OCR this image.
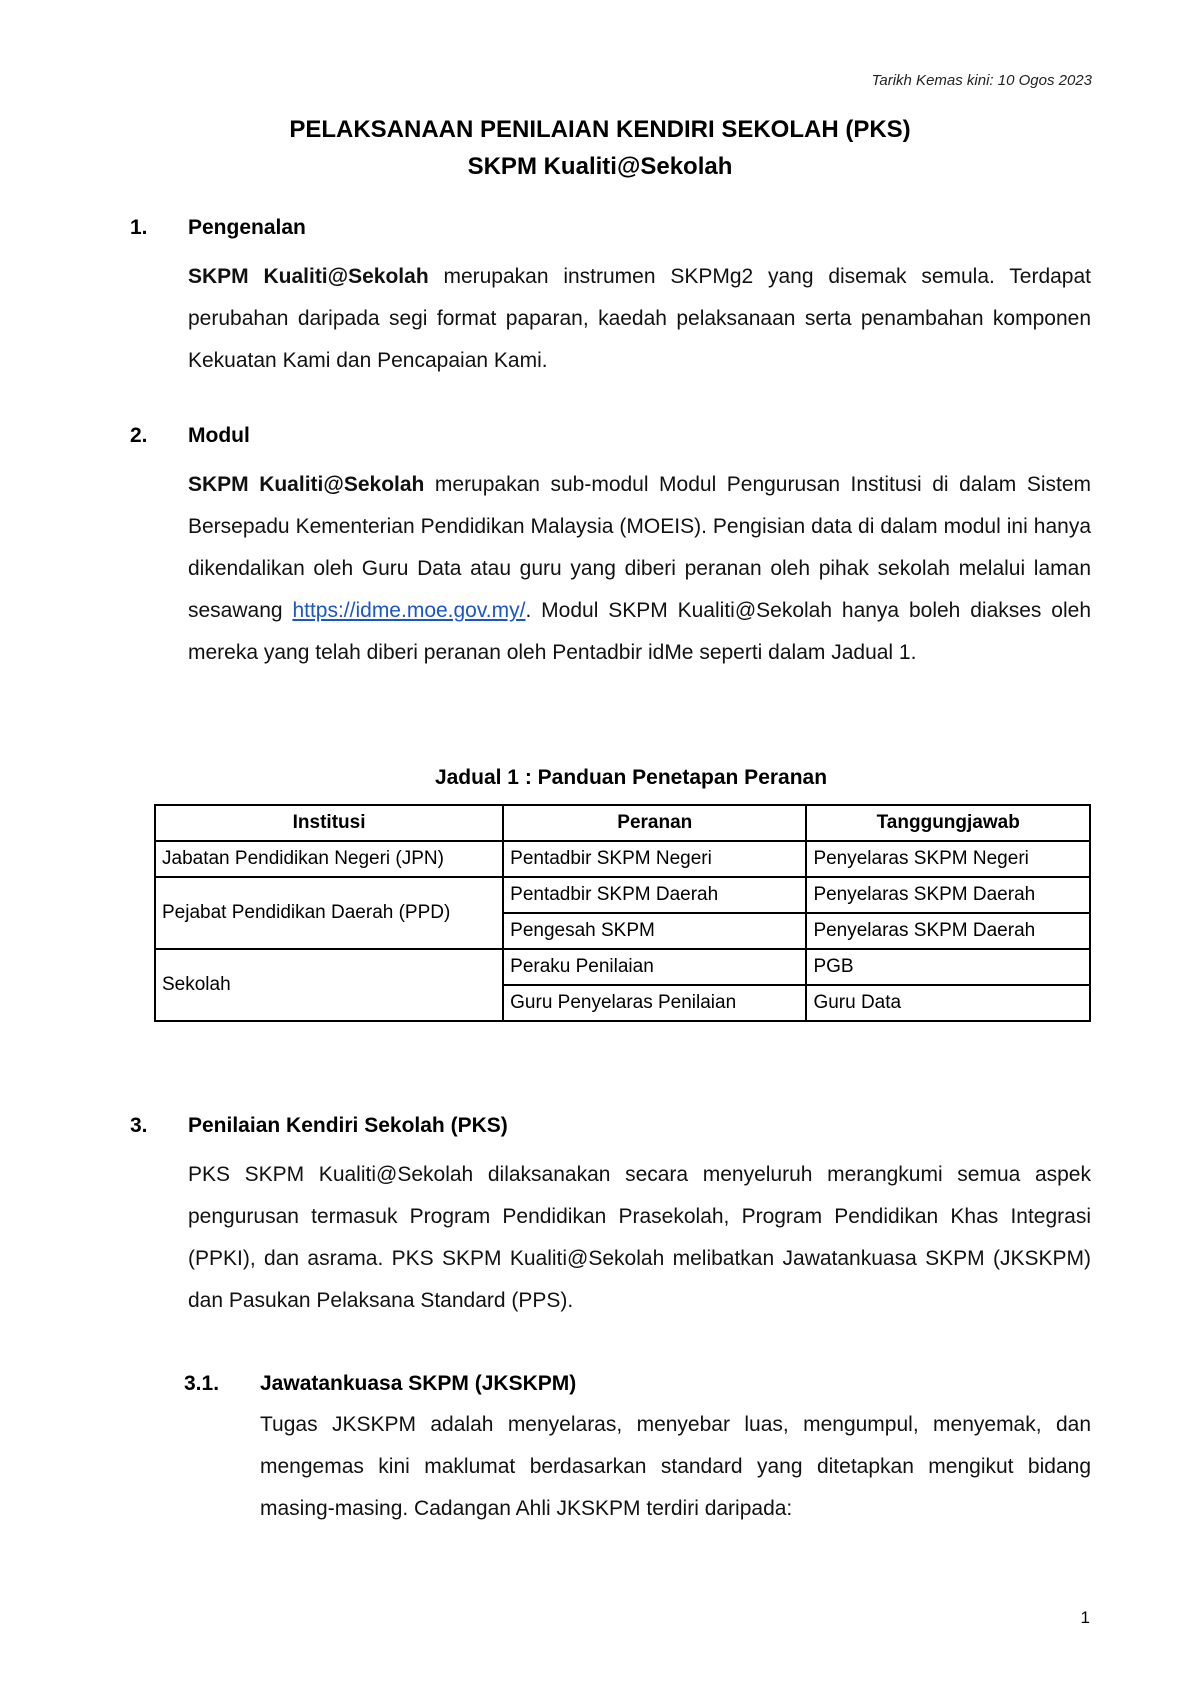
Tarikh Kemas kini: 10 Ogos 2023
PELAKSANAAN PENILAIAN KENDIRI SEKOLAH (PKS)
SKPM Kualiti@Sekolah
1. Pengenalan
SKPM Kualiti@Sekolah merupakan instrumen SKPMg2 yang disemak semula. Terdapat perubahan daripada segi format paparan, kaedah pelaksanaan serta penambahan komponen Kekuatan Kami dan Pencapaian Kami.
2. Modul
SKPM Kualiti@Sekolah merupakan sub-modul Modul Pengurusan Institusi di dalam Sistem Bersepadu Kementerian Pendidikan Malaysia (MOEIS). Pengisian data di dalam modul ini hanya dikendalikan oleh Guru Data atau guru yang diberi peranan oleh pihak sekolah melalui laman sesawang https://idme.moe.gov.my/. Modul SKPM Kualiti@Sekolah hanya boleh diakses oleh mereka yang telah diberi peranan oleh Pentadbir idMe seperti dalam Jadual 1.
Jadual 1 : Panduan Penetapan Peranan
Institusi	Peranan	Tanggungjawab
Jabatan Pendidikan Negeri (JPN)	Pentadbir SKPM Negeri	Penyelaras SKPM Negeri
Pejabat Pendidikan Daerah (PPD)	Pentadbir SKPM Daerah	Penyelaras SKPM Daerah
	Pengesah SKPM	Penyelaras SKPM Daerah
Sekolah	Peraku Penilaian	PGB
	Guru Penyelaras Penilaian	Guru Data
3. Penilaian Kendiri Sekolah (PKS)
PKS SKPM Kualiti@Sekolah dilaksanakan secara menyeluruh merangkumi semua aspek pengurusan termasuk Program Pendidikan Prasekolah, Program Pendidikan Khas Integrasi (PPKI), dan asrama. PKS SKPM Kualiti@Sekolah melibatkan Jawatankuasa SKPM (JKSKPM) dan Pasukan Pelaksana Standard (PPS).
3.1. Jawatankuasa SKPM (JKSKPM)
Tugas JKSKPM adalah menyelaras, menyebar luas, mengumpul, menyemak, dan mengemas kini maklumat berdasarkan standard yang ditetapkan mengikut bidang masing-masing. Cadangan Ahli JKSKPM terdiri daripada:
1
